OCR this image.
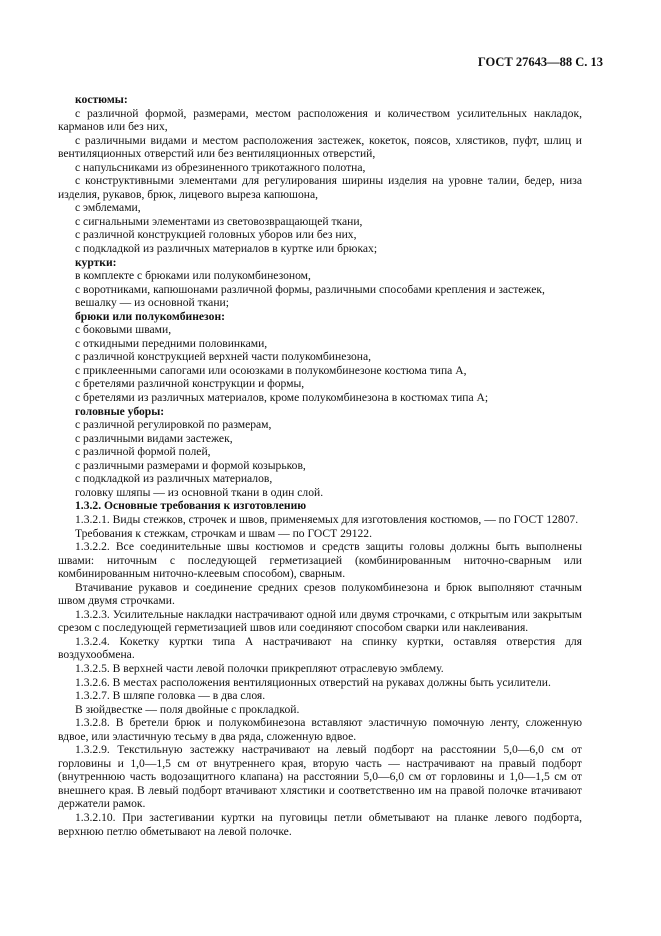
ГОСТ 27643—88 С. 13
костюмы:
с различной формой, размерами, местом расположения и количеством усилительных накладок, карманов или без них,
с различными видами и местом расположения застежек, кокеток, поясов, хлястиков, пуфт, шлиц и вентиляционных отверстий или без вентиляционных отверстий,
с напульсниками из обрезиненного трикотажного полотна,
с конструктивными элементами для регулирования ширины изделия на уровне талии, бедер, низа изделия, рукавов, брюк, лицевого выреза капюшона,
с эмблемами,
с сигнальными элементами из световозвращающей ткани,
с различной конструкцией головных уборов или без них,
с подкладкой из различных материалов в куртке или брюках;
куртки:
в комплекте с брюками или полукомбинезоном,
с воротниками, капюшонами различной формы, различными способами крепления и застежек,
вешалку — из основной ткани;
брюки или полукомбинезон:
с боковыми швами,
с откидными передними половинками,
с различной конструкцией верхней части полукомбинезона,
с приклеенными сапогами или осоюзками в полукомбинезоне костюма типа А,
с бретелями различной конструкции и формы,
с бретелями из различных материалов, кроме полукомбинезона в костюмах типа А;
головные уборы:
с различной регулировкой по размерам,
с различными видами застежек,
с различной формой полей,
с различными размерами и формой козырьков,
с подкладкой из различных материалов,
головку шляпы — из основной ткани в один слой.
1.3.2. Основные требования к изготовлению
1.3.2.1. Виды стежков, строчек и швов, применяемых для изготовления костюмов, — по ГОСТ 12807.
Требования к стежкам, строчкам и швам — по ГОСТ 29122.
1.3.2.2. Все соединительные швы костюмов и средств защиты головы должны быть выполнены швами: ниточным с последующей герметизацией (комбинированным ниточно-сварным или комбинированным ниточно-клеевым способом), сварным.
Втачивание рукавов и соединение средних срезов полукомбинезона и брюк выполняют стачным швом двумя строчками.
1.3.2.3. Усилительные накладки настрачивают одной или двумя строчками, с открытым или закрытым срезом с последующей герметизацией швов или соединяют способом сварки или наклеивания.
1.3.2.4. Кокетку куртки типа А настрачивают на спинку куртки, оставляя отверстия для воздухообмена.
1.3.2.5. В верхней части левой полочки прикрепляют отраслевую эмблему.
1.3.2.6. В местах расположения вентиляционных отверстий на рукавах должны быть усилители.
1.3.2.7. В шляпе головка — в два слоя.
В зюйдвестке — поля двойные с прокладкой.
1.3.2.8. В бретели брюк и полукомбинезона вставляют эластичную помочную ленту, сложенную вдвое, или эластичную тесьму в два ряда, сложенную вдвое.
1.3.2.9. Текстильную застежку настрачивают на левый подборт на расстоянии 5,0—6,0 см от горловины и 1,0—1,5 см от внутреннего края, вторую часть — настрачивают на правый подборт (внутреннюю часть водозащитного клапана) на расстоянии 5,0—6,0 см от горловины и 1,0—1,5 см от внешнего края. В левый подборт втачивают хлястики и соответственно им на правой полочке втачивают держатели рамок.
1.3.2.10. При застегивании куртки на пуговицы петли обметывают на планке левого подборта, верхнюю петлю обметывают на левой полочке.
